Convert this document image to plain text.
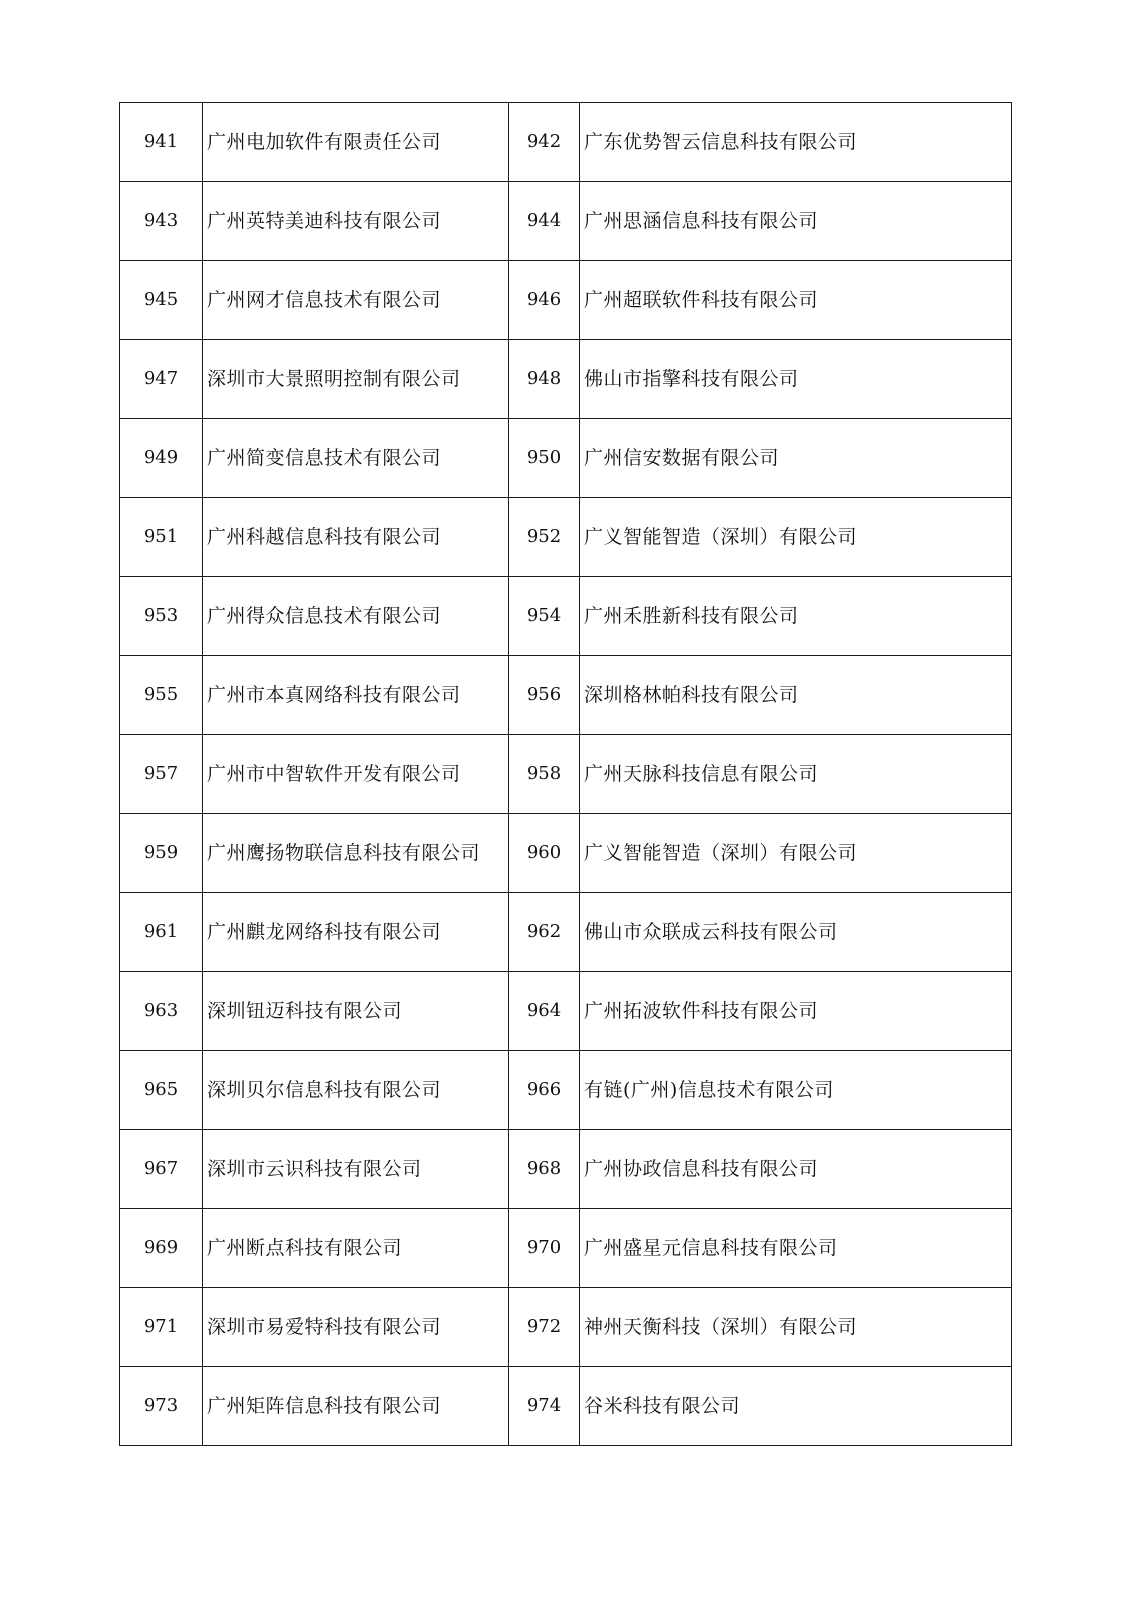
941	广州电加软件有限责任公司	942	广东优势智云信息科技有限公司
943	广州英特美迪科技有限公司	944	广州思涵信息科技有限公司
945	广州网才信息技术有限公司	946	广州超联软件科技有限公司
947	深圳市大景照明控制有限公司	948	佛山市指擎科技有限公司
949	广州简变信息技术有限公司	950	广州信安数据有限公司
951	广州科越信息科技有限公司	952	广义智能智造（深圳）有限公司
953	广州得众信息技术有限公司	954	广州禾胜新科技有限公司
955	广州市本真网络科技有限公司	956	深圳格林帕科技有限公司
957	广州市中智软件开发有限公司	958	广州天脉科技信息有限公司
959	广州鹰扬物联信息科技有限公司	960	广义智能智造（深圳）有限公司
961	广州麒龙网络科技有限公司	962	佛山市众联成云科技有限公司
963	深圳钮迈科技有限公司	964	广州拓波软件科技有限公司
965	深圳贝尔信息科技有限公司	966	有链(广州)信息技术有限公司
967	深圳市云识科技有限公司	968	广州协政信息科技有限公司
969	广州断点科技有限公司	970	广州盛星元信息科技有限公司
971	深圳市易爱特科技有限公司	972	神州天衡科技（深圳）有限公司
973	广州矩阵信息科技有限公司	974	谷米科技有限公司
